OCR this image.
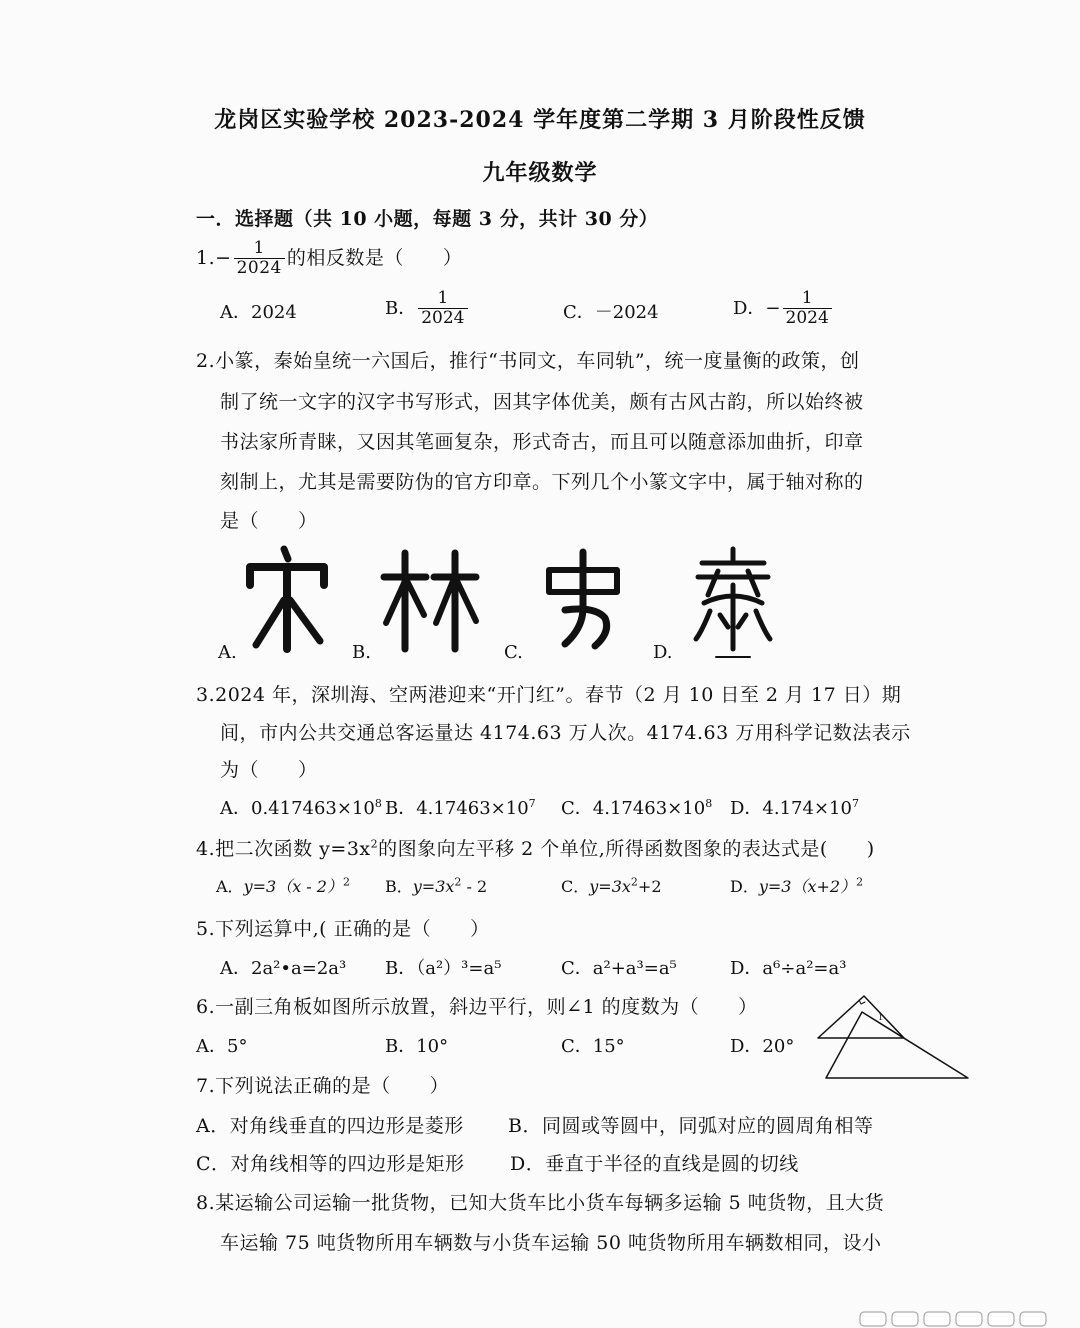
龙岗区实验学校 2023-2024 学年度第二学期 3 月阶段性反馈
九年级数学
一．选择题（共 10 小题，每题 3 分，共计 30 分）
$1.- \frac{1}{2024}$ 的相反数是（　　）
A．2024	B． $\frac{1}{2024}$	C．－2024	D．− $\frac{1}{2024}$
2.小篆，秦始皇统一六国后，推行“书同文，车同轨”，统一度量衡的政策，创
制了统一文字的汉字书写形式，因其字体优美，颇有古风古韵，所以始终被
书法家所青睐，又因其笔画复杂，形式奇古，而且可以随意添加曲折，印章
刻制上，尤其是需要防伪的官方印章。下列几个小篆文字中，属于轴对称的
是（　　）
A.	B.	C.	D.
3.2024 年，深圳海、空两港迎来“开门红”。春节（2 月 10 日至 2 月 17 日）期
间，市内公共交通总客运量达 4174.63 万人次。4174.63 万用科学记数法表示
为（　　）
A．$0.417463\times 10^8$ B．$4.17463\times 10^7$ C．$4.17463\times 10^8$ D．$4.174\times 10^7$
4.把二次函数 $y=3x^2$的图象向左平移 2 个单位,所得函数图象的表达式是(　　)
A．y=3（x - 2）$^2$ B．$y=3x^2 - 2$	C．$y=3x^2+2$	D．$y=3(x+2)^2$
5.下列运算中,( 正确的是（　　）
A．2a²•a=2a³ B．（a²）³=a⁵	C．a²+a³=a⁵	D．a⁶÷a²=a³
6.一副三角板如图所示放置，斜边平行，则∠1 的度数为（　　）
A．5°	B．10°	C．15°	D．20°
1
7.下列说法正确的是（　　）
A．对角线垂直的四边形是菱形 B．同圆或等圆中，同弧对应的圆周角相等
C．对角线相等的四边形是矩形 D．垂直于半径的直线是圆的切线
8.某运输公司运输一批货物，已知大货车比小货车每辆多运输 5 吨货物，且大货
车运输 75 吨货物所用车辆数与小货车运输 50 吨货物所用车辆数相同，设小
